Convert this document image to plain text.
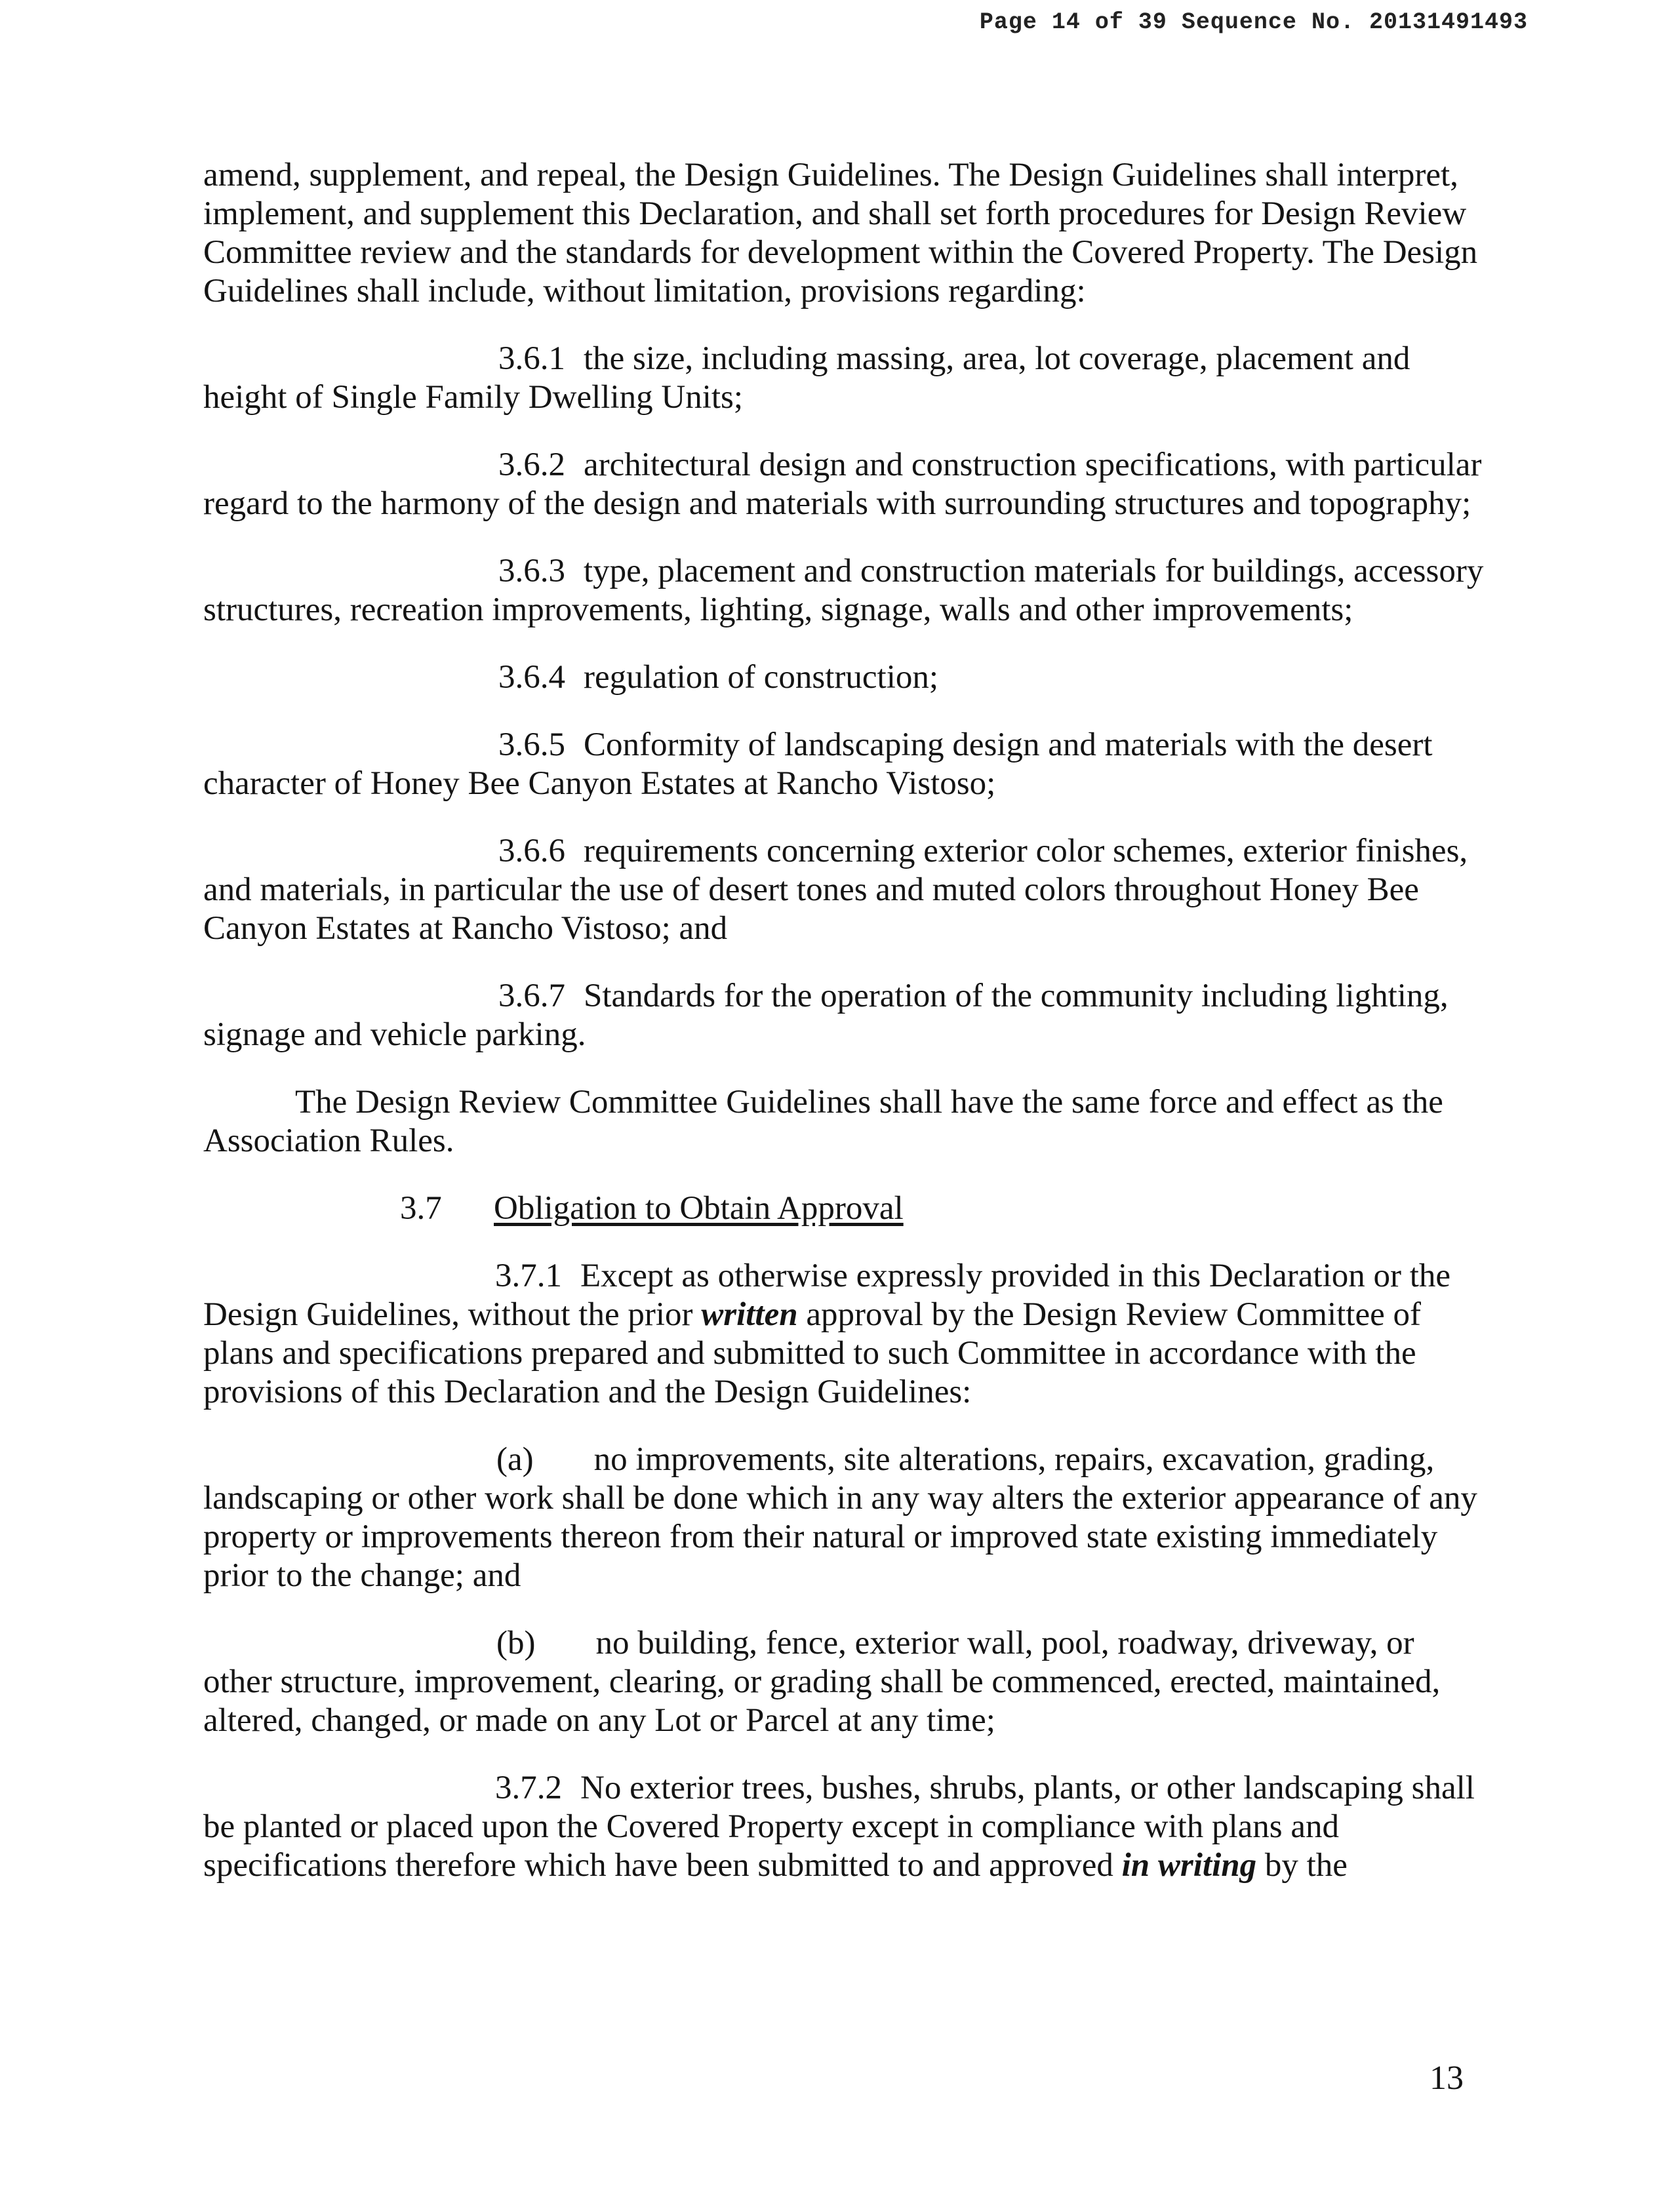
Page 14 of 39 Sequence No. 20131491493

amend, supplement, and repeal, the Design Guidelines. The Design Guidelines shall interpret, implement, and supplement this Declaration, and shall set forth procedures for Design Review Committee review and the standards for development within the Covered Property. The Design Guidelines shall include, without limitation, provisions regarding:

3.6.1 the size, including massing, area, lot coverage, placement and height of Single Family Dwelling Units;

3.6.2 architectural design and construction specifications, with particular regard to the harmony of the design and materials with surrounding structures and topography;

3.6.3 type, placement and construction materials for buildings, accessory structures, recreation improvements, lighting, signage, walls and other improvements;

3.6.4 regulation of construction;

3.6.5 Conformity of landscaping design and materials with the desert character of Honey Bee Canyon Estates at Rancho Vistoso;

3.6.6 requirements concerning exterior color schemes, exterior finishes, and materials, in particular the use of desert tones and muted colors throughout Honey Bee Canyon Estates at Rancho Vistoso; and

3.6.7 Standards for the operation of the community including lighting, signage and vehicle parking.

The Design Review Committee Guidelines shall have the same force and effect as the Association Rules.

3.7 Obligation to Obtain Approval

3.7.1 Except as otherwise expressly provided in this Declaration or the Design Guidelines, without the prior written approval by the Design Review Committee of plans and specifications prepared and submitted to such Committee in accordance with the provisions of this Declaration and the Design Guidelines:

(a) no improvements, site alterations, repairs, excavation, grading, landscaping or other work shall be done which in any way alters the exterior appearance of any property or improvements thereon from their natural or improved state existing immediately prior to the change; and

(b) no building, fence, exterior wall, pool, roadway, driveway, or other structure, improvement, clearing, or grading shall be commenced, erected, maintained, altered, changed, or made on any Lot or Parcel at any time;

3.7.2 No exterior trees, bushes, shrubs, plants, or other landscaping shall be planted or placed upon the Covered Property except in compliance with plans and specifications therefore which have been submitted to and approved in writing by the

13
